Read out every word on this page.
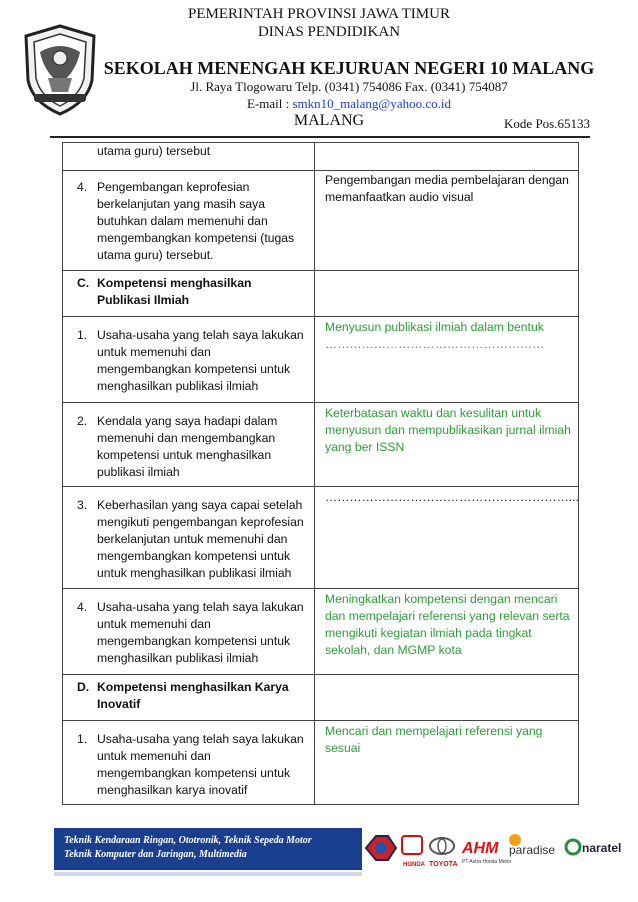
PEMERINTAH PROVINSI JAWA TIMUR
DINAS PENDIDIKAN
SEKOLAH MENENGAH KEJURUAN NEGERI 10 MALANG
Jl. Raya Tlogowaru Telp. (0341) 754086 Fax. (0341) 754087
E-mail : smkn10_malang@yahoo.co.id
MALANG	Kode Pos.65133
utama guru) tersebut	

4. Pengembangan keprofesian berkelanjutan yang masih saya butuhkan dalam memenuhi dan mengembangkan kompetensi (tugas utama guru) tersebut.	Pengembangan media pembelajaran dengan memanfaatkan audio visual

C. Kompetensi menghasilkan Publikasi Ilmiah	

1. Usaha-usaha yang telah saya lakukan untuk memenuhi dan mengembangkan kompetensi untuk menghasilkan publikasi ilmiah	Menyusun publikasi ilmiah dalam bentuk ………………………………………………

2. Kendala yang saya hadapi dalam memenuhi dan mengembangkan kompetensi untuk menghasilkan publikasi ilmiah	Keterbatasan waktu dan kesulitan untuk menyusun dan mempublikasikan jurnal ilmiah yang ber ISSN

3. Keberhasilan yang saya capai setelah mengikuti pengembangan keprofesian berkelanjutan untuk memenuhi dan mengembangkan kompetensi untuk untuk menghasilkan publikasi ilmiah	……………………………………………………...

4. Usaha-usaha yang telah saya lakukan untuk memenuhi dan mengembangkan kompetensi untuk menghasilkan publikasi ilmiah	Meningkatkan kompetensi dengan mencari dan mempelajari referensi yang relevan serta mengikuti kegiatan ilmiah pada tingkat sekolah, dan MGMP kota

D. Kompetensi menghasilkan Karya Inovatif	

1. Usaha-usaha yang telah saya lakukan untuk memenuhi dan mengembangkan kompetensi untuk menghasilkan karya inovatif	Mencari dan mempelajari referensi yang sesuai
Teknik Kendaraan Ringan, Ototronik, Teknik Sepeda Motor
Teknik Komputer dan Jaringan, Multimedia
HONDA TOYOTA
AHM
PT Astra Honda Motor
paradise naratel
